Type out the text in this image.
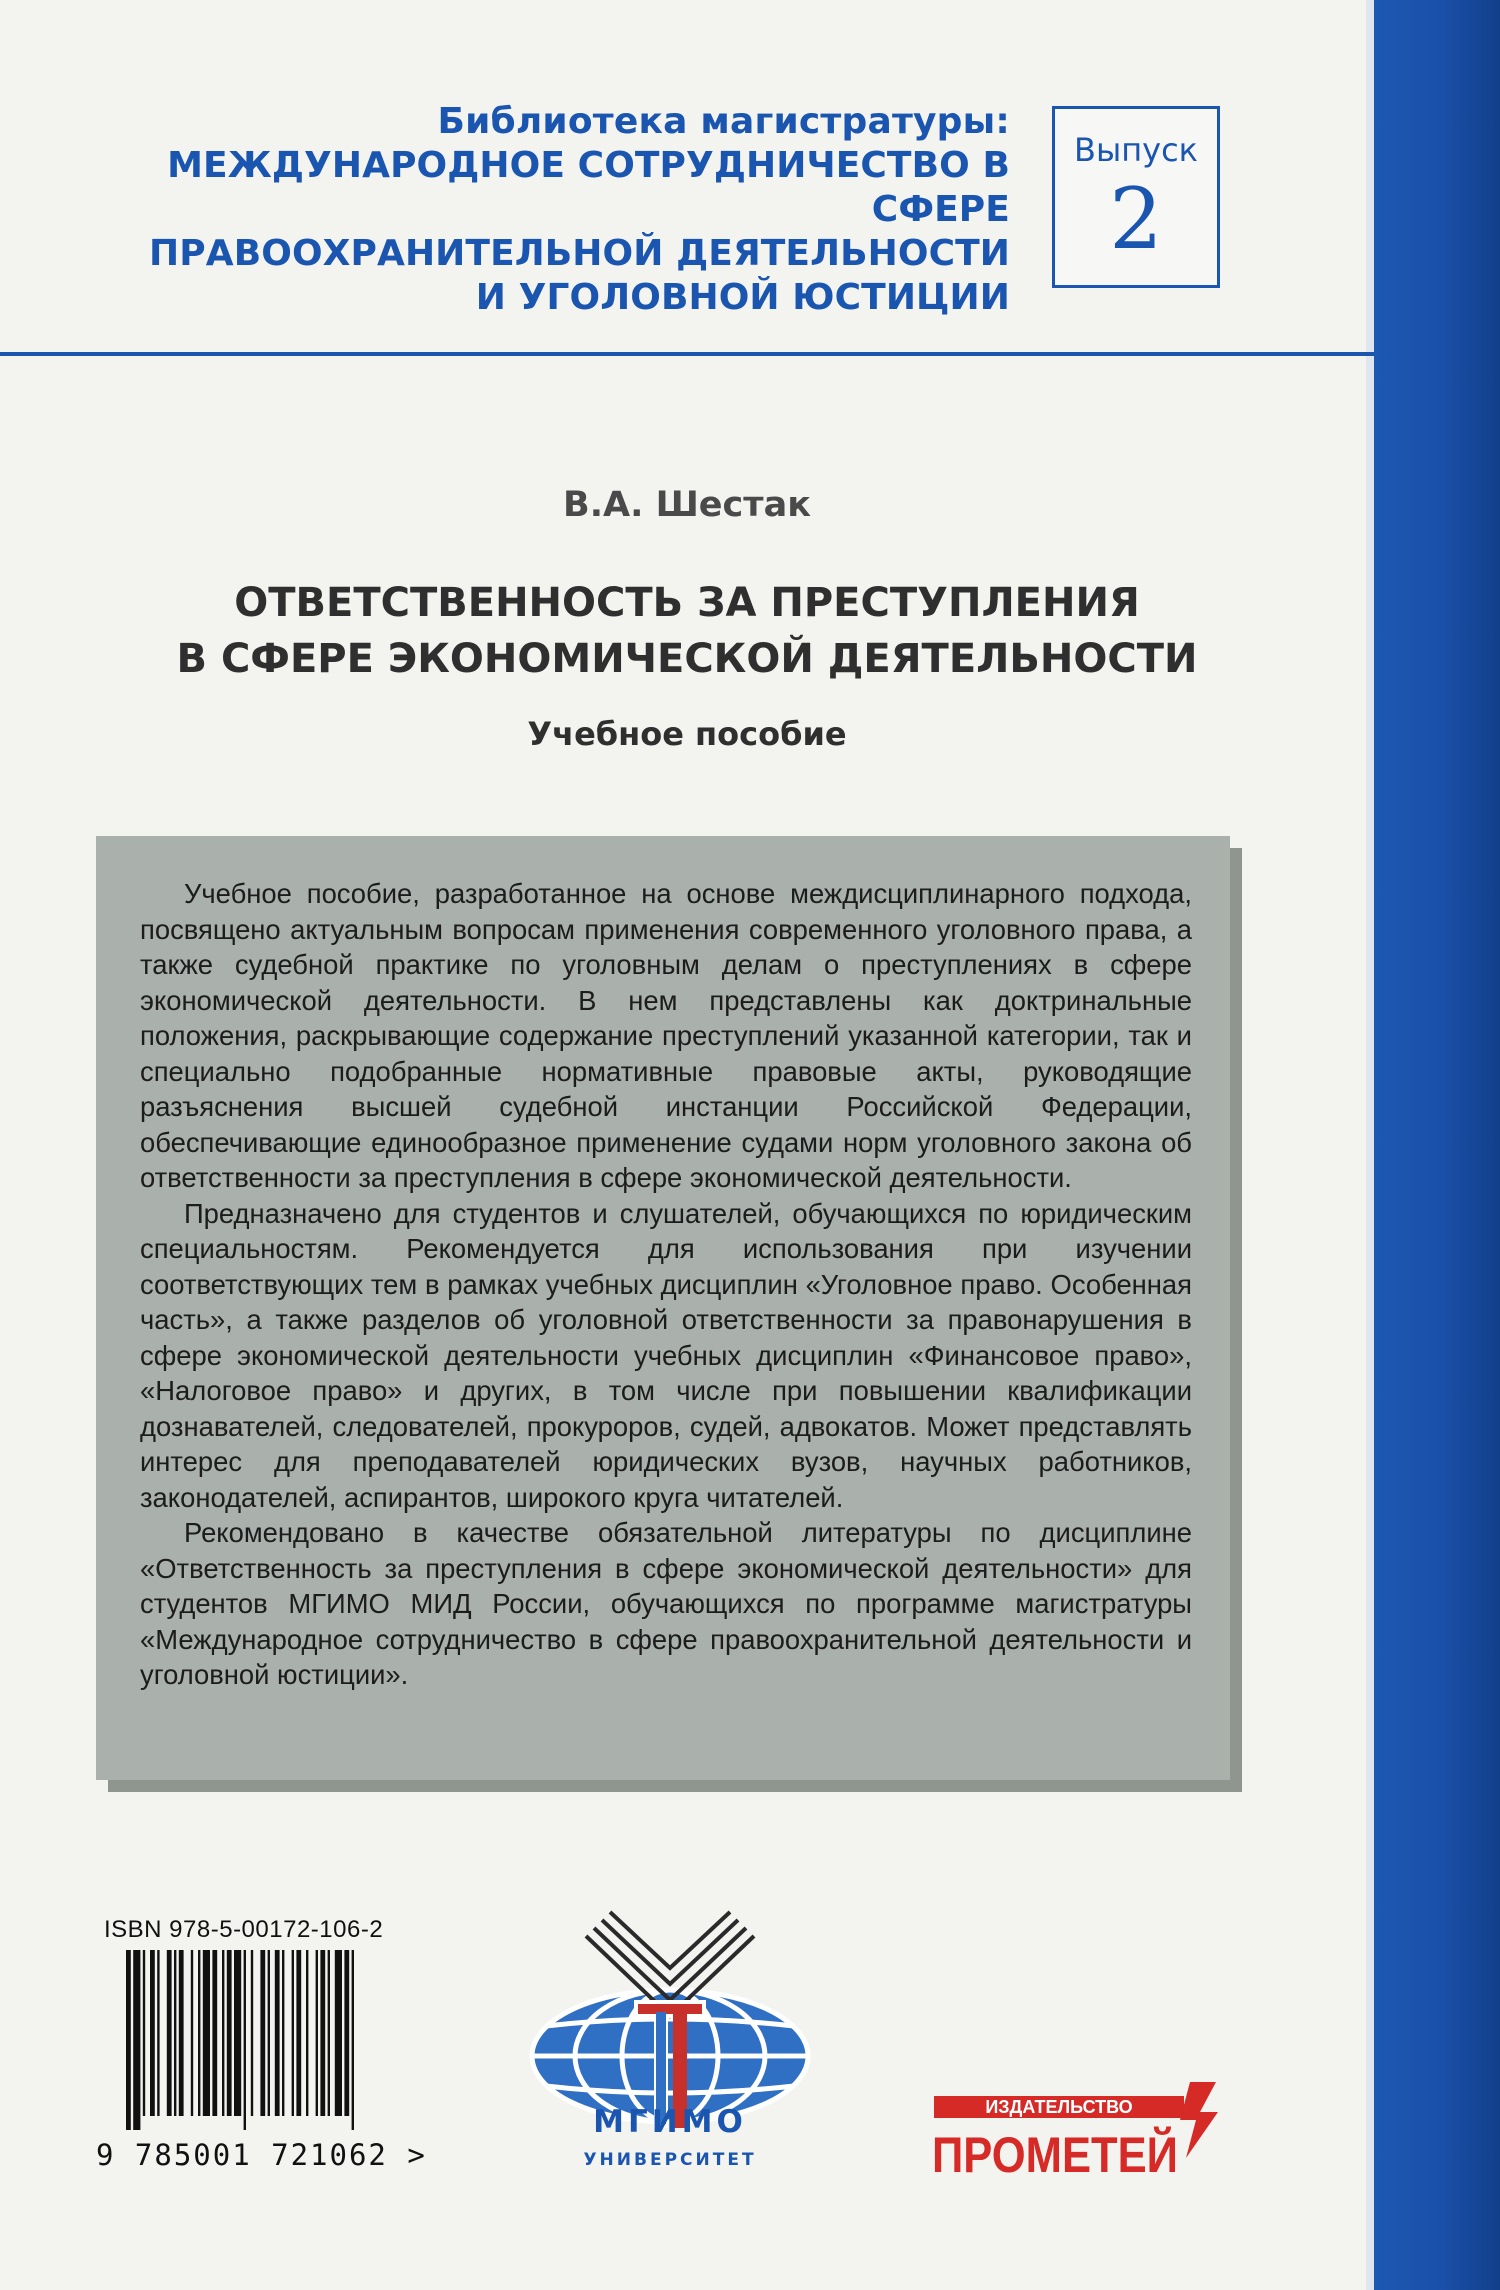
Библиотека магистратуры:
МЕЖДУНАРОДНОЕ СОТРУДНИЧЕСТВО В СФЕРЕ
ПРАВООХРАНИТЕЛЬНОЙ ДЕЯТЕЛЬНОСТИ
И УГОЛОВНОЙ ЮСТИЦИИ
Выпуск
2
В.А. Шестак
ОТВЕТСТВЕННОСТЬ ЗА ПРЕСТУПЛЕНИЯ
В СФЕРЕ ЭКОНОМИЧЕСКОЙ ДЕЯТЕЛЬНОСТИ
Учебное пособие

Учебное пособие, разработанное на основе междисциплинарного подхода, посвящено актуальным вопросам применения современного уголовного права, а также судебной практике по уголовным делам о преступлениях в сфере экономической деятельности. В нем представлены как доктринальные положения, раскрывающие содержание преступлений указанной категории, так и специально подобранные нормативные правовые акты, руководящие разъяснения высшей судебной инстанции Российской Федерации, обеспечивающие единообразное применение судами норм уголовного закона об ответственности за преступления в сфере экономической деятельности.

Предназначено для студентов и слушателей, обучающихся по юридическим специальностям. Рекомендуется для использования при изучении соответствующих тем в рамках учебных дисциплин «Уголовное право. Особенная часть», а также разделов об уголовной ответственности за правонарушения в сфере экономической деятельности учебных дисциплин «Финансовое право», «Налоговое право» и других, в том числе при повышении квалификации дознавателей, следователей, прокуроров, судей, адвокатов. Может представлять интерес для преподавателей юридических вузов, научных работников, законодателей, аспирантов, широкого круга читателей.

Рекомендовано в качестве обязательной литературы по дисциплине «Ответственность за преступления в сфере экономической деятельности» для студентов МГИМО МИД России, обучающихся по программе магистратуры «Международное сотрудничество в сфере правоохранительной деятельности и уголовной юстиции».

ISBN 978-5-00172-106-2
9 785001 721062 >
МГИМО
УНИВЕРСИТЕТ
ИЗДАТЕЛЬСТВО
ПРОМЕТЕЙ
